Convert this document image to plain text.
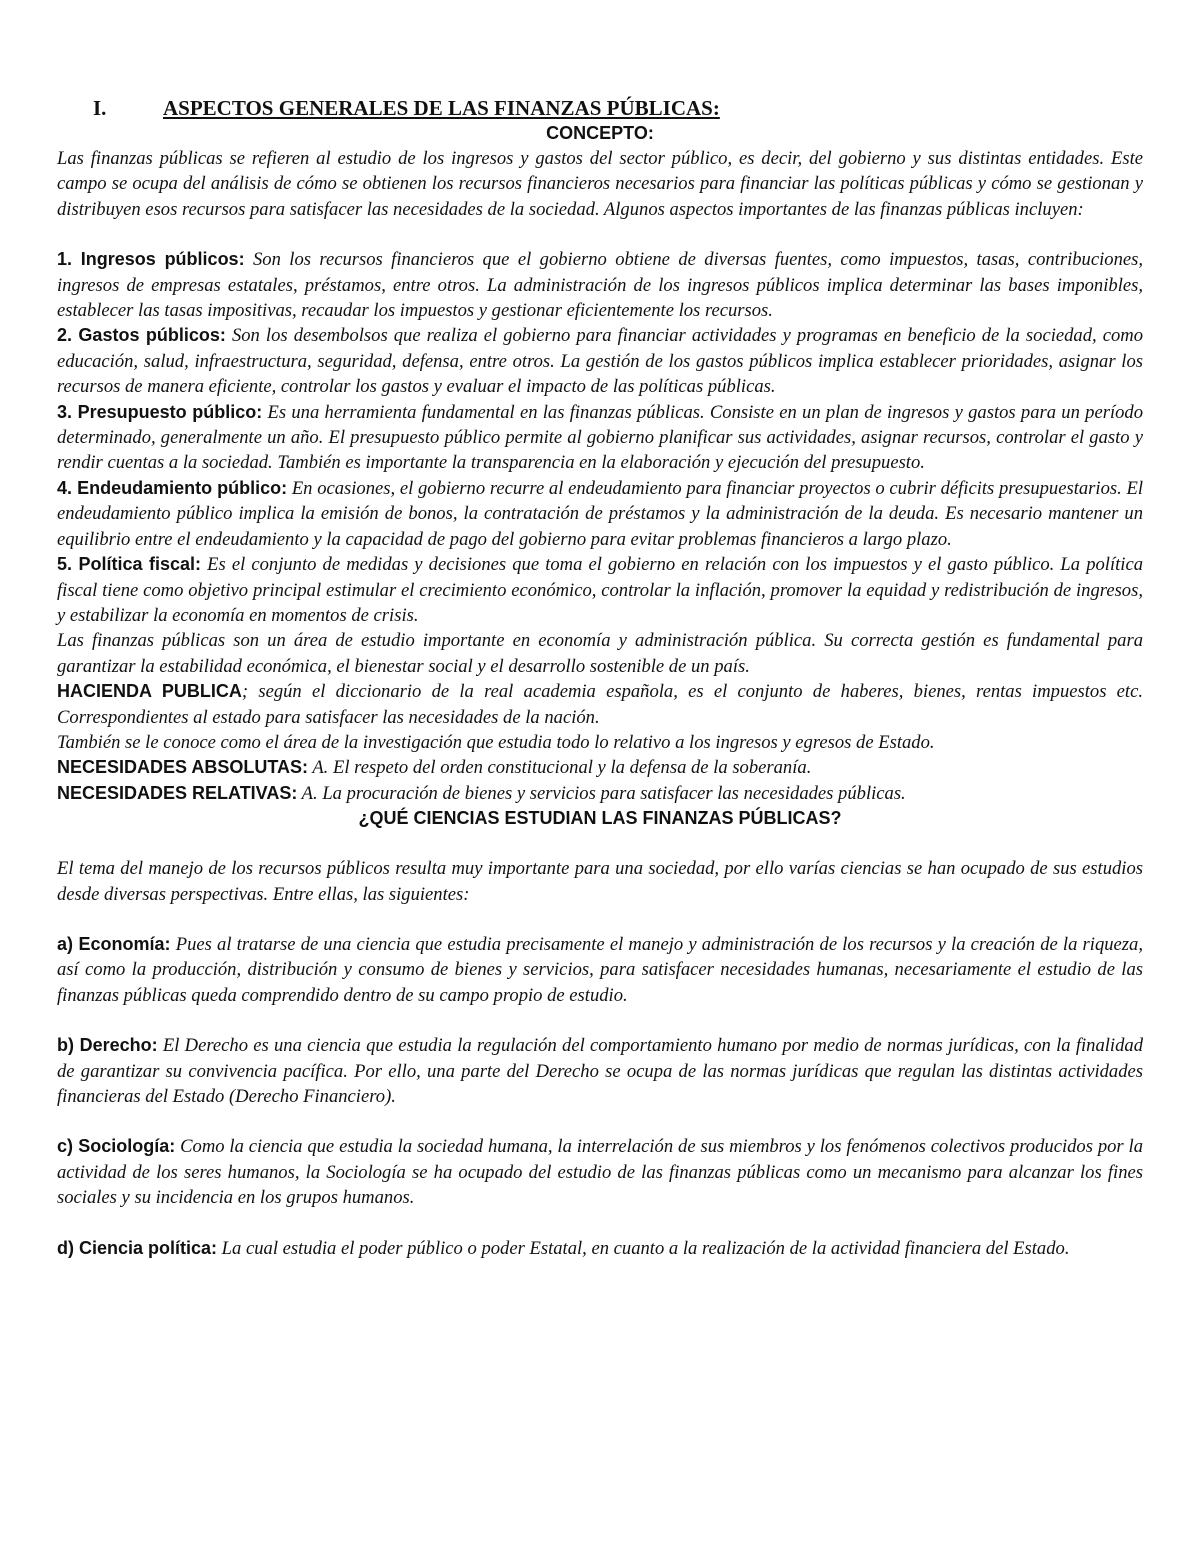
I.	ASPECTOS GENERALES DE LAS FINANZAS PÚBLICAS:
CONCEPTO:

Las finanzas públicas se refieren al estudio de los ingresos y gastos del sector público, es decir, del gobierno y sus distintas entidades. Este campo se ocupa del análisis de cómo se obtienen los recursos financieros necesarios para financiar las políticas públicas y cómo se gestionan y distribuyen esos recursos para satisfacer las necesidades de la sociedad. Algunos aspectos importantes de las finanzas públicas incluyen:

1. Ingresos públicos: Son los recursos financieros que el gobierno obtiene de diversas fuentes, como impuestos, tasas, contribuciones, ingresos de empresas estatales, préstamos, entre otros. La administración de los ingresos públicos implica determinar las bases imponibles, establecer las tasas impositivas, recaudar los impuestos y gestionar eficientemente los recursos.

2. Gastos públicos: Son los desembolsos que realiza el gobierno para financiar actividades y programas en beneficio de la sociedad, como educación, salud, infraestructura, seguridad, defensa, entre otros. La gestión de los gastos públicos implica establecer prioridades, asignar los recursos de manera eficiente, controlar los gastos y evaluar el impacto de las políticas públicas.

3. Presupuesto público: Es una herramienta fundamental en las finanzas públicas. Consiste en un plan de ingresos y gastos para un período determinado, generalmente un año. El presupuesto público permite al gobierno planificar sus actividades, asignar recursos, controlar el gasto y rendir cuentas a la sociedad. También es importante la transparencia en la elaboración y ejecución del presupuesto.

4. Endeudamiento público: En ocasiones, el gobierno recurre al endeudamiento para financiar proyectos o cubrir déficits presupuestarios. El endeudamiento público implica la emisión de bonos, la contratación de préstamos y la administración de la deuda. Es necesario mantener un equilibrio entre el endeudamiento y la capacidad de pago del gobierno para evitar problemas financieros a largo plazo.

5. Política fiscal: Es el conjunto de medidas y decisiones que toma el gobierno en relación con los impuestos y el gasto público. La política fiscal tiene como objetivo principal estimular el crecimiento económico, controlar la inflación, promover la equidad y redistribución de ingresos, y estabilizar la economía en momentos de crisis.

Las finanzas públicas son un área de estudio importante en economía y administración pública. Su correcta gestión es fundamental para garantizar la estabilidad económica, el bienestar social y el desarrollo sostenible de un país.

HACIENDA PUBLICA; según el diccionario de la real academia española, es el conjunto de haberes, bienes, rentas impuestos etc. Correspondientes al estado para satisfacer las necesidades de la nación.

También se le conoce como el área de la investigación que estudia todo lo relativo a los ingresos y egresos de Estado.

NECESIDADES ABSOLUTAS: A. El respeto del orden constitucional y la defensa de la soberanía.

NECESIDADES RELATIVAS: A. La procuración de bienes y servicios para satisfacer las necesidades públicas.

¿QUÉ CIENCIAS ESTUDIAN LAS FINANZAS PÚBLICAS?

El tema del manejo de los recursos públicos resulta muy importante para una sociedad, por ello varías ciencias se han ocupado de sus estudios desde diversas perspectivas. Entre ellas, las siguientes:

a) Economía: Pues al tratarse de una ciencia que estudia precisamente el manejo y administración de los recursos y la creación de la riqueza, así como la producción, distribución y consumo de bienes y servicios, para satisfacer necesidades humanas, necesariamente el estudio de las finanzas públicas queda comprendido dentro de su campo propio de estudio.

b) Derecho: El Derecho es una ciencia que estudia la regulación del comportamiento humano por medio de normas jurídicas, con la finalidad de garantizar su convivencia pacífica. Por ello, una parte del Derecho se ocupa de las normas jurídicas que regulan las distintas actividades financieras del Estado (Derecho Financiero).

c) Sociología: Como la ciencia que estudia la sociedad humana, la interrelación de sus miembros y los fenómenos colectivos producidos por la actividad de los seres humanos, la Sociología se ha ocupado del estudio de las finanzas públicas como un mecanismo para alcanzar los fines sociales y su incidencia en los grupos humanos.

d) Ciencia política: La cual estudia el poder público o poder Estatal, en cuanto a la realización de la actividad financiera del Estado.
